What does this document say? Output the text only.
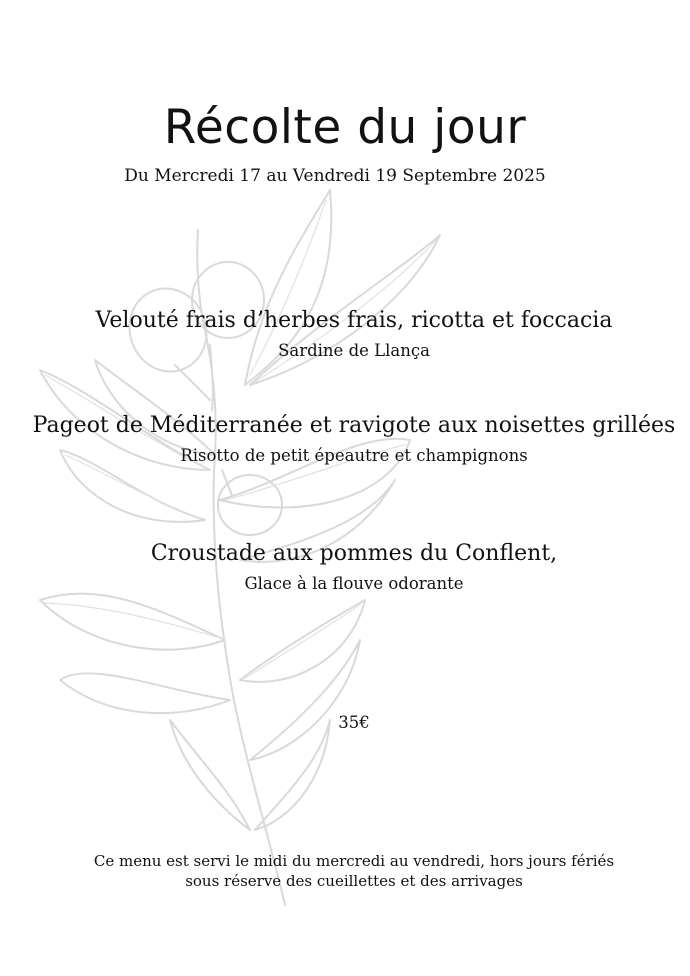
Récolte du jour
Du Mercredi 17 au Vendredi 19 Septembre 2025
Velouté frais d’herbes frais, ricotta et foccacia
Sardine de Llança
Pageot de Méditerranée et ravigote aux noisettes grillées
Risotto de petit épeautre et champignons
Croustade aux pommes du Conflent,
Glace à la flouve odorante
35€
Ce menu est servi le midi du mercredi au vendredi, hors jours fériés
sous réserve des cueillettes et des arrivages
